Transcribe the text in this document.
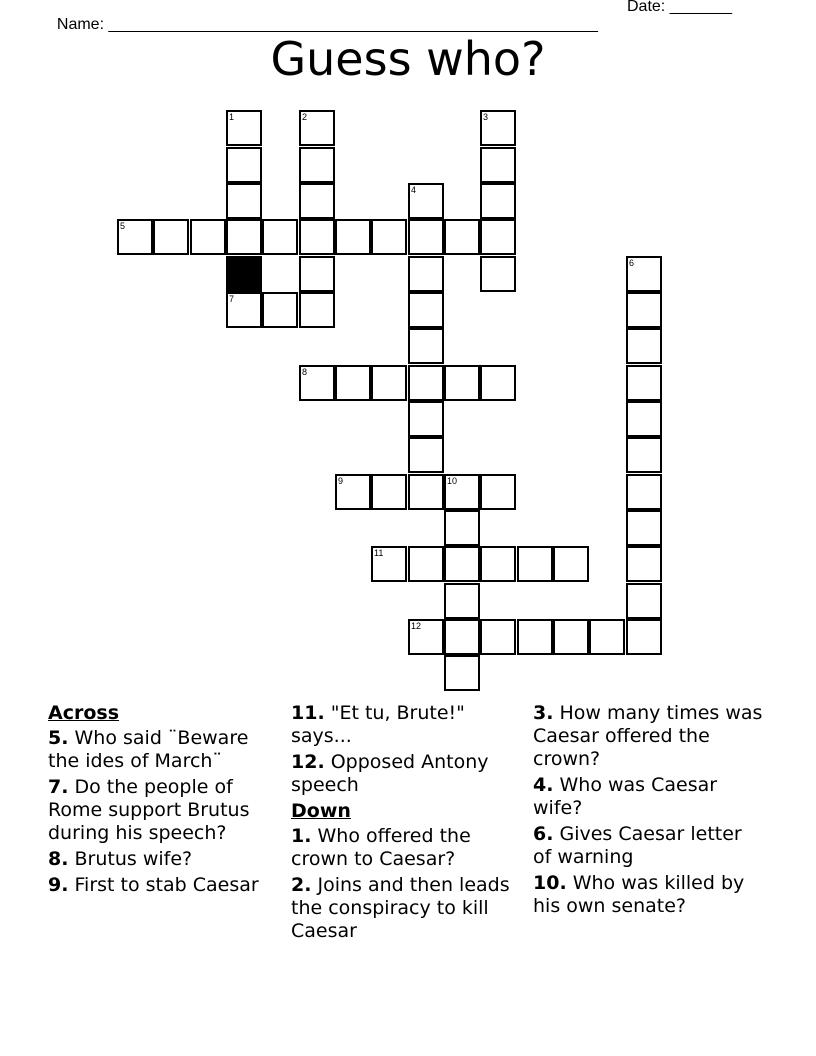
Name: _______________________________________________________

Date: _______

Guess who?
1
7
2	3
4
5
6
8
9	10
11
12
Across
5. Who said ¨Beware the ides of March¨
7. Do the people of Rome support Brutus during his speech?
8. Brutus wife?
9. First to stab Caesar
11. "Et tu, Brute!" says...
12. Opposed Antony speech
Down
1. Who offered the crown to Caesar?
2. Joins and then leads the conspiracy to kill Caesar
3. How many times was Caesar offered the crown?
4. Who was Caesar wife?
6. Gives Caesar letter of warning
10. Who was killed by his own senate?
